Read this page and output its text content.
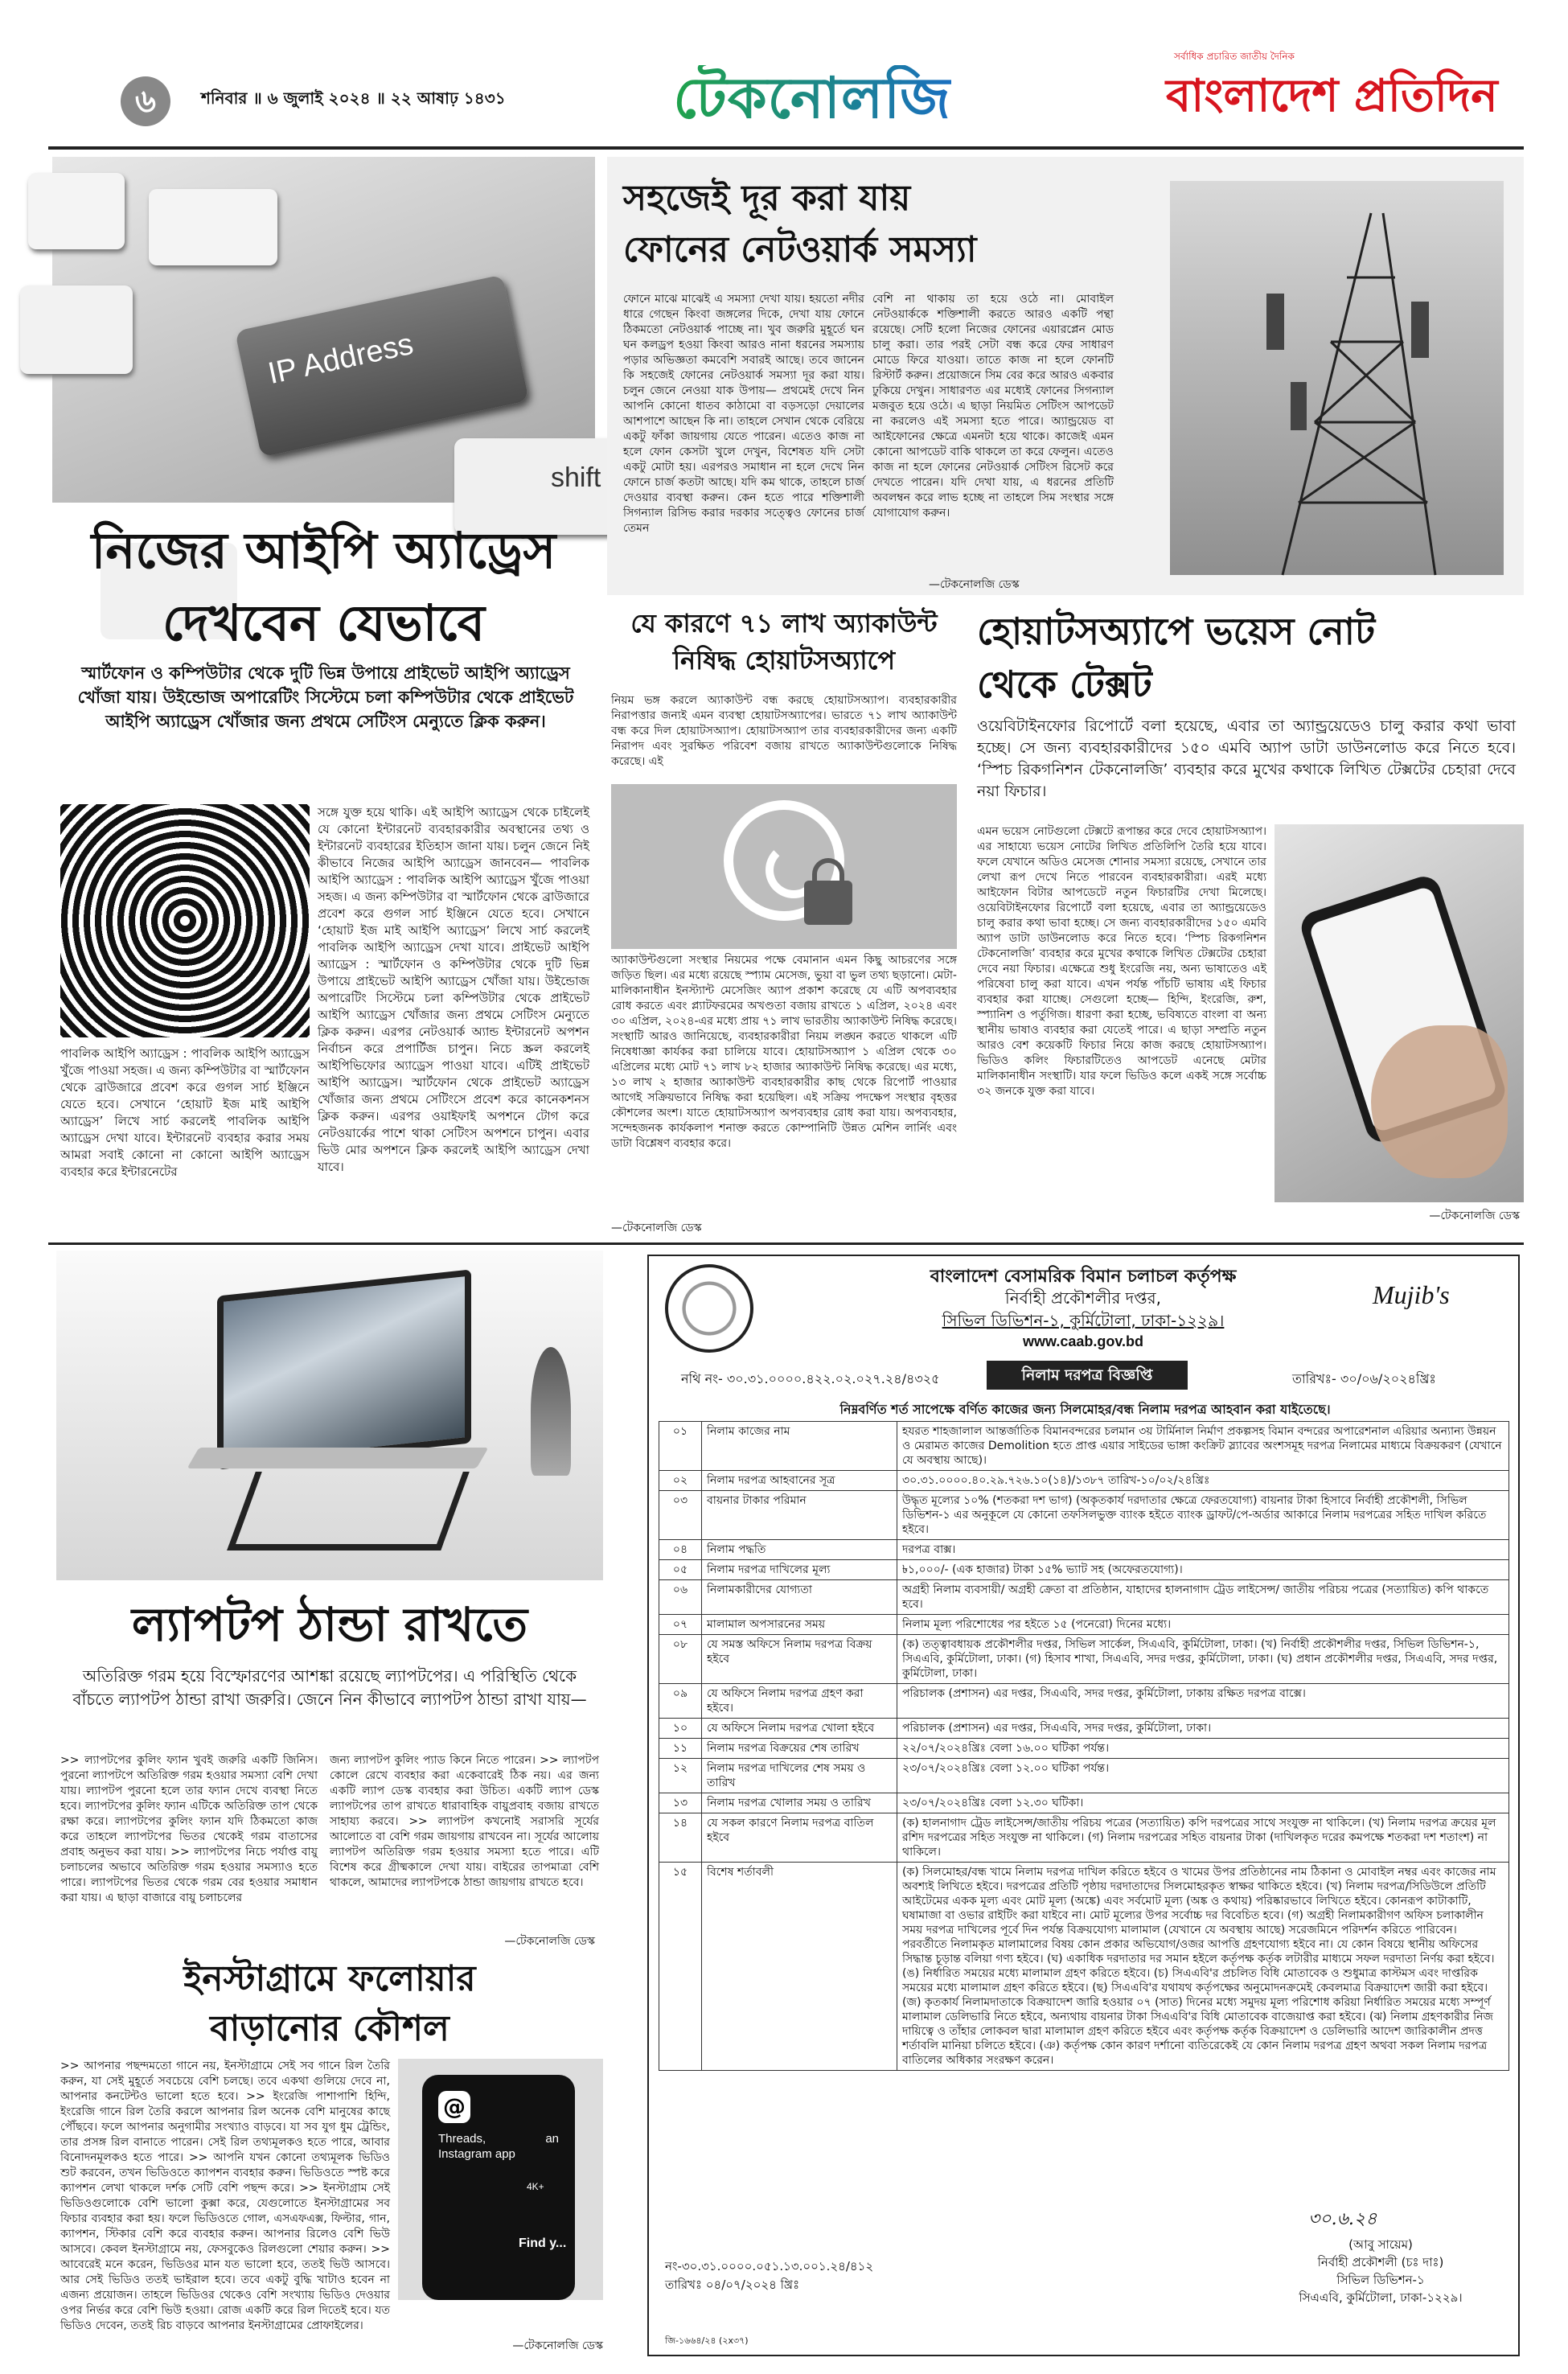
৬	শনিবার ॥ ৬ জুলাই ২০২৪ ॥ ২২ আষাঢ় ১৪৩১	টেকনোলজি
সর্বাধিক প্রচারিত জাতীয় দৈনিক
বাংলাদেশ প্রতিদিন
IP Address
shift
নিজের আইপি অ্যাড্রেস
দেখবেন যেভাবে
স্মার্টফোন ও কম্পিউটার থেকে দুটি ভিন্ন উপায়ে প্রাইভেট আইপি অ্যাড্রেস খোঁজা যায়। উইন্ডোজ অপারেটিং সিস্টেমে চলা কম্পিউটার থেকে প্রাইভেট আইপি অ্যাড্রেস খোঁজার জন্য প্রথমে সেটিংস মেন্যুতে ক্লিক করুন।
পাবলিক আইপি অ্যাড্রেস : পাবলিক আইপি অ্যাড্রেস খুঁজে পাওয়া সহজ। এ জন্য কম্পিউটার বা স্মার্টফোন থেকে ব্রাউজারে প্রবেশ করে গুগল সার্চ ইঞ্জিনে যেতে হবে। সেখানে ‘হোয়াট ইজ মাই আইপি অ্যাড্রেস’ লিখে সার্চ করলেই পাবলিক আইপি অ্যাড্রেস দেখা যাবে। ইন্টারনেট ব্যবহার করার সময় আমরা সবাই কোনো না কোনো আইপি অ্যাড্রেস ব্যবহার করে ইন্টারনেটের
সঙ্গে যুক্ত হয়ে থাকি। এই আইপি অ্যাড্রেস থেকে চাইলেই যে কোনো ইন্টারনেট ব্যবহারকারীর অবস্থানের তথ্য ও ইন্টারনেট ব্যবহারের ইতিহাস জানা যায়। চলুন জেনে নিই কীভাবে নিজের আইপি অ্যাড্রেস জানবেন— পাবলিক আইপি অ্যাড্রেস : পাবলিক আইপি অ্যাড্রেস খুঁজে পাওয়া সহজ। এ জন্য কম্পিউটার বা স্মার্টফোন থেকে ব্রাউজারে প্রবেশ করে গুগল সার্চ ইঞ্জিনে যেতে হবে। সেখানে ‘হোয়াট ইজ মাই আইপি অ্যাড্রেস’ লিখে সার্চ করলেই পাবলিক আইপি অ্যাড্রেস দেখা যাবে। প্রাইভেট আইপি অ্যাড্রেস : স্মার্টফোন ও কম্পিউটার থেকে দুটি ভিন্ন উপায়ে প্রাইভেট আইপি অ্যাড্রেস খোঁজা যায়। উইন্ডোজ অপারেটিং সিস্টেমে চলা কম্পিউটার থেকে প্রাইভেট আইপি অ্যাড্রেস খোঁজার জন্য প্রথমে সেটিংস মেন্যুতে ক্লিক করুন। এরপর নেটওয়ার্ক অ্যান্ড ইন্টারনেট অপশন নির্বাচন করে প্রপার্টিজ চাপুন। নিচে স্ক্রল করলেই আইপিভিফোর অ্যাড্রেস পাওয়া যাবে। এটিই প্রাইভেট আইপি অ্যাড্রেস। স্মার্টফোন থেকে প্রাইভেট অ্যাড্রেস খোঁজার জন্য প্রথমে সেটিংসে প্রবেশ করে কানেকশনস ক্লিক করুন। এরপর ওয়াইফাই অপশনে টোগ করে নেটওয়ার্কের পাশে থাকা সেটিংস অপশনে চাপুন। এবার ভিউ মোর অপশনে ক্লিক করলেই আইপি অ্যাড্রেস দেখা যাবে।
সহজেই দূর করা যায়
ফোনের নেটওয়ার্ক সমস্যা
ফোনে মাঝে মাঝেই এ সমস্যা দেখা যায়। হয়তো নদীর ধারে গেছেন কিংবা জঙ্গলের দিকে, দেখা যায় ফোনে ঠিকমতো নেটওয়ার্ক পাচ্ছে না। খুব জরুরি মুহূর্তে ঘন ঘন কলড্রপ হওয়া কিংবা আরও নানা ধরনের সমস্যায় পড়ার অভিজ্ঞতা কমবেশি সবারই আছে। তবে জানেন কি সহজেই ফোনের নেটওয়ার্ক সমস্যা দূর করা যায়। চলুন জেনে নেওয়া যাক উপায়— প্রথমেই দেখে নিন আপনি কোনো ধাতব কাঠামো বা বড়সড়ো দেয়ালের আশপাশে আছেন কি না। তাহলে সেখান থেকে বেরিয়ে একটু ফাঁকা জায়গায় যেতে পারেন। এতেও কাজ না হলে ফোন কেসটা খুলে দেখুন, বিশেষত যদি সেটা একটু মোটা হয়। এরপরও সমাধান না হলে দেখে নিন ফোনে চার্জ কতটা আছে। যদি কম থাকে, তাহলে চার্জ দেওয়ার ব্যবস্থা করুন। কেন হতে পারে শক্তিশালী সিগন্যাল রিসিভ করার দরকার সত্ত্বেও ফোনের চার্জ তেমন
বেশি না থাকায় তা হয়ে ওঠে না। মোবাইল নেটওয়ার্ককে শক্তিশালী করতে আরও একটি পন্থা রয়েছে। সেটি হলো নিজের ফোনের এয়ারপ্লেন মোড চালু করা। তার পরই সেটা বন্ধ করে ফের সাধারণ মোডে ফিরে যাওয়া। তাতে কাজ না হলে ফোনটি রিস্টার্ট করুন। প্রয়োজনে সিম বের করে আরও একবার ঢুকিয়ে দেখুন। সাধারণত এর মধ্যেই ফোনের সিগন্যাল মজবুত হয়ে ওঠে। এ ছাড়া নিয়মিত সেটিংস আপডেট না করলেও এই সমস্যা হতে পারে। অ্যান্ড্রয়েড বা আইফোনের ক্ষেত্রে এমনটা হয়ে থাকে। কাজেই এমন কোনো আপডেট বাকি থাকলে তা করে ফেলুন। এতেও কাজ না হলে ফোনের নেটওয়ার্ক সেটিংস রিসেট করে দেখতে পারেন। যদি দেখা যায়, এ ধরনের প্রতিটি অবলম্বন করে লাভ হচ্ছে না তাহলে সিম সংস্থার সঙ্গে যোগাযোগ করুন।
—টেকনোলজি ডেস্ক
যে কারণে ৭১ লাখ অ্যাকাউন্ট
নিষিদ্ধ হোয়াটসঅ্যাপে
নিয়ম ভঙ্গ করলে অ্যাকাউন্ট বন্ধ করছে হোয়াটসঅ্যাপ। ব্যবহারকারীর নিরাপত্তার জন্যই এমন ব্যবস্থা হোয়াটসঅ্যাপের। ভারতে ৭১ লাখ অ্যাকাউন্ট বন্ধ করে দিল হোয়াটসঅ্যাপ। হোয়াটসঅ্যাপ তার ব্যবহারকারীদের জন্য একটি নিরাপদ এবং সুরক্ষিত পরিবেশ বজায় রাখতে অ্যাকাউন্টগুলোকে নিষিদ্ধ করেছে। এই
অ্যাকাউন্টগুলো সংস্থার নিয়মের পক্ষে বেমানান এমন কিছু আচরণের সঙ্গে জড়িত ছিল। এর মধ্যে রয়েছে স্প্যাম মেসেজ, ভুয়া বা ভুল তথ্য ছড়ানো। মেটা-মালিকানাধীন ইনস্ট্যান্ট মেসেজিং অ্যাপ প্রকাশ করেছে যে এটি অপব্যবহার রোধ করতে এবং প্ল্যাটফরমের অখণ্ডতা বজায় রাখতে ১ এপ্রিল, ২০২৪ এবং ৩০ এপ্রিল, ২০২৪-এর মধ্যে প্রায় ৭১ লাখ ভারতীয় অ্যাকাউন্ট নিষিদ্ধ করেছে। সংস্থাটি আরও জানিয়েছে, ব্যবহারকারীরা নিয়ম লঙ্ঘন করতে থাকলে এটি নিষেধাজ্ঞা কার্যকর করা চালিয়ে যাবে। হোয়াটসঅ্যাপ ১ এপ্রিল থেকে ৩০ এপ্রিলের মধ্যে মোট ৭১ লাখ ৮২ হাজার অ্যাকাউন্ট নিষিদ্ধ করেছে। এর মধ্যে, ১৩ লাখ ২ হাজার অ্যাকাউন্ট ব্যবহারকারীর কাছ থেকে রিপোর্ট পাওয়ার আগেই সক্রিয়ভাবে নিষিদ্ধ করা হয়েছিল। এই সক্রিয় পদক্ষেপ সংস্থার বৃহত্তর কৌশলের অংশ। যাতে হোয়াটসঅ্যাপ অপব্যবহার রোধ করা যায়। অপব্যবহার, সন্দেহজনক কার্যকলাপ শনাক্ত করতে কোম্পানিটি উন্নত মেশিন লার্নিং এবং ডাটা বিশ্লেষণ ব্যবহার করে।
—টেকনোলজি ডেস্ক
হোয়াটসঅ্যাপে ভয়েস নোট
থেকে টেক্সট
ওয়েবিটাইনফোর রিপোর্টে বলা হয়েছে, এবার তা অ্যান্ড্রয়েডেও চালু করার কথা ভাবা হচ্ছে। সে জন্য ব্যবহারকারীদের ১৫০ এমবি অ্যাপ ডাটা ডাউনলোড করে নিতে হবে। ‘স্পিচ রিকগনিশন টেকনোলজি’ ব্যবহার করে মুখের কথাকে লিখিত টেক্সটের চেহারা দেবে নয়া ফিচার।
এমন ভয়েস নোটগুলো টেক্সটে রূপান্তর করে দেবে হোয়াটসঅ্যাপ। এর সাহায্যে ভয়েস নোটের লিখিত প্রতিলিপি তৈরি হয়ে যাবে। ফলে যেখানে অডিও মেসেজ শোনার সমস্যা রয়েছে, সেখানে তার লেখা রূপ দেখে নিতে পারবেন ব্যবহারকারীরা। এরই মধ্যে আইফোন বিটার আপডেটে নতুন ফিচারটির দেখা মিলেছে। ওয়েবিটাইনফোর রিপোর্টে বলা হয়েছে, এবার তা অ্যান্ড্রয়েডেও চালু করার কথা ভাবা হচ্ছে। সে জন্য ব্যবহারকারীদের ১৫০ এমবি অ্যাপ ডাটা ডাউনলোড করে নিতে হবে। ‘স্পিচ রিকগনিশন টেকনোলজি’ ব্যবহার করে মুখের কথাকে লিখিত টেক্সটের চেহারা দেবে নয়া ফিচার। এক্ষেত্রে শুধু ইংরেজি নয়, অন্য ভাষাতেও এই পরিষেবা চালু করা যাবে। এখন পর্যন্ত পাঁচটি ভাষায় এই ফিচার ব্যবহার করা যাচ্ছে। সেগুলো হচ্ছে— হিন্দি, ইংরেজি, রুশ, স্প্যানিশ ও পর্তুগিজ। ধারণা করা হচ্ছে, ভবিষ্যতে বাংলা বা অন্য স্থানীয় ভাষাও ব্যবহার করা যেতেই পারে। এ ছাড়া সম্প্রতি নতুন আরও বেশ কয়েকটি ফিচার নিয়ে কাজ করছে হোয়াটসঅ্যাপ। ভিডিও কলিং ফিচারটিতেও আপডেট এনেছে মেটার মালিকানাধীন সংস্থাটি। যার ফলে ভিডিও কলে একই সঙ্গে সর্বোচ্চ ৩২ জনকে যুক্ত করা যাবে।
—টেকনোলজি ডেস্ক
ল্যাপটপ ঠান্ডা রাখতে
অতিরিক্ত গরম হয়ে বিস্ফোরণের আশঙ্কা রয়েছে ল্যাপটপের। এ পরিস্থিতি থেকে বাঁচতে ল্যাপটপ ঠান্ডা রাখা জরুরি। জেনে নিন কীভাবে ল্যাপটপ ঠান্ডা রাখা যায়—
>> ল্যাপটপের কুলিং ফ্যান খুবই জরুরি একটি জিনিস। পুরনো ল্যাপটপে অতিরিক্ত গরম হওয়ার সমস্যা বেশি দেখা যায়। ল্যাপটপ পুরনো হলে তার ফ্যান দেখে ব্যবস্থা নিতে হবে। ল্যাপটপের কুলিং ফ্যান এটিকে অতিরিক্ত তাপ থেকে রক্ষা করে। ল্যাপটপের কুলিং ফ্যান যদি ঠিকমতো কাজ করে তাহলে ল্যাপটপের ভিতর থেকেই গরম বাতাসের প্রবাহ অনুভব করা যায়। >> ল্যাপটপের নিচে পর্যাপ্ত বায়ু চলাচলের অভাবে অতিরিক্ত গরম হওয়ার সমস্যাও হতে পারে। ল্যাপটপের ভিতর থেকে গরম বের হওয়ার সমাধান করা যায়। এ ছাড়া বাজারে বায়ু চলাচলের
জন্য ল্যাপটপ কুলিং প্যাড কিনে নিতে পারেন। >> ল্যাপটপ কোলে রেখে ব্যবহার করা একেবারেই ঠিক নয়। এর জন্য একটি ল্যাপ ডেস্ক ব্যবহার করা উচিত। একটি ল্যাপ ডেস্ক ল্যাপটপের তাপ রাখতে ধারাবাহিক বায়ুপ্রবাহ বজায় রাখতে সাহায্য করবে। >> ল্যাপটপ কখনোই সরাসরি সূর্যের আলোতে বা বেশি গরম জায়গায় রাখবেন না। সূর্যের আলোয় ল্যাপটপ অতিরিক্ত গরম হওয়ার সমস্যা হতে পারে। এটি বিশেষ করে গ্রীষ্মকালে দেখা যায়। বাইরের তাপমাত্রা বেশি থাকলে, আমাদের ল্যাপটপকে ঠান্ডা জায়গায় রাখতে হবে।
—টেকনোলজি ডেস্ক
ইনস্টাগ্রামে ফলোয়ার
বাড়ানোর কৌশল
@
Threads, an Instagram app
4K+
Find y...
>> আপনার পছন্দমতো গানে নয়, ইনস্টাগ্রামে সেই সব গানে রিল তৈরি করুন, যা সেই মুহূর্তে সবচেয়ে বেশি চলছে। তবে একথা গুলিয়ে দেবে না, আপনার কনটেন্টও ভালো হতে হবে। >> ইংরেজি পাশাপাশি হিন্দি, ইংরেজি গানে রিল তৈরি করলে আপনার রিল অনেক বেশি মানুষের কাছে পৌঁছবে। ফলে আপনার অনুগামীর সংখ্যাও বাড়বে। যা সব যুগ ধুম ট্রেন্ডিং, তার প্রসঙ্গ রিল বানাতে পারেন। সেই রিল তথ্যমূলকও হতে পারে, আবার বিনোদনমূলকও হতে পারে। >> আপনি যখন কোনো তথ্যমূলক ভিডিও শুট করবেন, তখন ভিডিওতে ক্যাপশন ব্যবহার করুন। ভিডিওতে স্পষ্ট করে ক্যাপশন লেখা থাকলে দর্শক সেটি বেশি পছন্দ করে। >> ইনস্টাগ্রাম সেই ভিডিওগুলোকে বেশি ভালো কুক্সা করে, যেগুলোতে ইনস্টাগ্রামের সব ফিচার ব্যবহার করা হয়। ফলে ভিডিওতে গোল, এসএফএক্স, ফিল্টার, গান, ক্যাপশন, স্টিকার বেশি করে ব্যবহার করুন। আপনার রিলেও বেশি ভিউ আসবে। কেবল ইনস্টাগ্রামে নয়, ফেসবুকেও রিলগুলো শেয়ার করুন। >> আবেরেই মনে করেন, ভিডিওর মান যত ভালো হবে, ততই ভিউ আসবে। আর সেই ভিডিও ততই ভাইরাল হবে। তবে একটু বুদ্ধি খাটাও হবেন না এজন্য প্রয়োজন। তাহলে ভিডিওর থেকেও বেশি সংখ্যায় ভিডিও দেওয়ার ওপর নির্ভর করে বেশি ভিউ হওয়া। রোজ একটি করে রিল দিতেই হবে। যত ভিডিও দেবেন, ততই রিচ বাড়বে আপনার ইনস্টাগ্রামের প্রোফাইলের।
—টেকনোলজি ডেস্ক
বাংলাদেশ বেসামরিক বিমান চলাচল কর্তৃপক্ষ
নির্বাহী প্রকৌশলীর দপ্তর,
সিভিল ডিভিশন-১, কুর্মিটোলা, ঢাকা-১২২৯।
www.caab.gov.bd
Mujib's
নথি নং- ৩০.৩১.০০০০.৪২২.০২.০২৭.২৪/৪৩২৫	নিলাম দরপত্র বিজ্ঞপ্তি	তারিখঃ- ৩০/০৬/২০২৪খ্রিঃ
নিম্নবর্ণিত শর্ত সাপেক্ষে বর্ণিত কাজের জন্য সিলমোহর/বন্ধ নিলাম দরপত্র আহবান করা যাইতেছে।
০১	নিলাম কাজের নাম	হযরত শাহজালাল আন্তর্জাতিক বিমানবন্দরের চলমান ৩য় টার্মিনাল নির্মাণ প্রকল্পসহ বিমান বন্দরের অপারেশনাল এরিয়ার অন্যান্য উন্নয়ন ও মেরামত কাজের Demolition হতে প্রাপ্ত এয়ার সাইডের ভাঙ্গা কংক্রিট স্ল্যাবের অংশসমূহ দরপত্র নিলামের মাধ্যমে বিক্রয়করণ (যেখানে যে অবস্থায় আছে)।
০২	নিলাম দরপত্র আহবানের সূত্র	৩০.৩১.০০০০.৪০.২৯.৭২৬.১০(১৪)/১৩৮৭ তারিখ-১০/০২/২৪খ্রিঃ
০৩	বায়নার টাকার পরিমান	উদ্ধৃত মূল্যের ১০% (শতকরা দশ ভাগ) (অকৃতকার্য দরদাতার ক্ষেত্রে ফেরতযোগ্য) বায়নার টাকা হিসাবে নির্বাহী প্রকৌশলী, সিভিল ডিভিশন-১ এর অনুকূলে যে কোনো তফসিলভুক্ত ব্যাংক হইতে ব্যাংক ড্রাফট/পে-অর্ডার আকারে নিলাম দরপত্রের সহিত দাখিল করিতে হইবে।
০৪	নিলাম পদ্ধতি	দরপত্র বাক্স।
০৫	নিলাম দরপত্র দাখিলের মূল্য	৳১,০০০/- (এক হাজার) টাকা ১৫% ভ্যাট সহ (অফেরতযোগ্য)।
০৬	নিলামকারীদের যোগ্যতা	অগ্রহী নিলাম ব্যবসায়ী/ অগ্রহী ক্রেতা বা প্রতিষ্ঠান, যাহাদের হালনাগাদ ট্রেড লাইসেন্স/ জাতীয় পরিচয় পত্রের (সত্যায়িত) কপি থাকতে হবে।
০৭	মালামাল অপসারনের সময়	নিলাম মূল্য পরিশোধের পর হইতে ১৫ (পনেরো) দিনের মধ্যে।
০৮	যে সমস্ত অফিসে নিলাম দরপত্র বিক্রয় হইবে	(ক) তত্ত্বাবধায়ক প্রকৌশলীর দপ্তর, সিভিল সার্কেল, সিএএবি, কুর্মিটোলা, ঢাকা। (খ) নির্বাহী প্রকৌশলীর দপ্তর, সিভিল ডিভিশন-১, সিএএবি, কুর্মিটোলা, ঢাকা। (গ) হিসাব শাখা, সিএএবি, সদর দপ্তর, কুর্মিটোলা, ঢাকা। (ঘ) প্রধান প্রকৌশলীর দপ্তর, সিএএবি, সদর দপ্তর, কুর্মিটোলা, ঢাকা।
০৯	যে অফিসে নিলাম দরপত্র গ্রহণ করা হইবে।	পরিচালক (প্রশাসন) এর দপ্তর, সিএএবি, সদর দপ্তর, কুর্মিটোলা, ঢাকায় রক্ষিত দরপত্র বাক্সে।
১০	যে অফিসে নিলাম দরপত্র খোলা হইবে	পরিচালক (প্রশাসন) এর দপ্তর, সিএএবি, সদর দপ্তর, কুর্মিটোলা, ঢাকা।
১১	নিলাম দরপত্র বিক্রয়ের শেষ তারিখ	২২/০৭/২০২৪খ্রিঃ বেলা ১৬.০০ ঘটিকা পর্যন্ত।
১২	নিলাম দরপত্র দাখিলের শেষ সময় ও তারিখ	২৩/০৭/২০২৪খ্রিঃ বেলা ১২.০০ ঘটিকা পর্যন্ত।
১৩	নিলাম দরপত্র খোলার সময় ও তারিখ	২৩/০৭/২০২৪খ্রিঃ বেলা ১২.৩০ ঘটিকা।
১৪	যে সকল কারণে নিলাম দরপত্র বাতিল হইবে	(ক) হালনাগাদ ট্রেড লাইসেন্স/জাতীয় পরিচয় পত্রের (সত্যায়িত) কপি দরপত্রের সাথে সংযুক্ত না থাকিলে। (খ) নিলাম দরপত্র ক্রয়ের মূল রশিদ দরপত্রের সহিত সংযুক্ত না থাকিলে। (গ) নিলাম দরপত্রের সহিত বায়নার টাকা (দাখিলকৃত দরের কমপক্ষে শতকরা দশ শতাংশ) না থাকিলে।
১৫	বিশেষ শর্তাবলী	(ক) সিলমোহর/বন্ধ খামে নিলাম দরপত্র দাখিল করিতে হইবে ও খামের উপর প্রতিষ্ঠানের নাম ঠিকানা ও মোবাইল নম্বর এবং কাজের নাম অবশ্যই লিখিতে হইবে। দরপত্রের প্রতিটি পৃষ্ঠায় দরদাতাদের সিলমোহরকৃত স্বাক্ষর থাকিতে হইবে। (খ) নিলাম দরপত্র/সিডিউলে প্রতিটি আইটেমের একক মূল্য এবং মোট মূল্য (অঙ্কে) এবং সর্বমোট মূল্য (অঙ্ক ও কথায়) পরিষ্কারভাবে লিখিতে হইবে। কোনরূপ কাটাকাটি, ঘষামাজা বা ওভার রাইটিং করা যাইবে না। মোট মূল্যের উপর সর্বোচ্চ দর বিবেচিত হবে। (গ) অগ্রহী নিলামকারীগণ অফিস চলাকালীন সময় দরপত্র দাখিলের পূর্বে দিন পর্যন্ত বিক্রয়যোগ্য মালামাল (যেখানে যে অবস্থায় আছে) সরেজমিনে পরিদর্শন করিতে পারিবেন। পরবর্তীতে নিলামকৃত মালামালের বিষয় কোন প্রকার অভিযোগ/ওজর আপত্তি গ্রহণযোগ্য হইবে না। যে কোন বিষয়ে স্থানীয় অফিসের সিদ্ধান্ত চূড়ান্ত বলিয়া গণ্য হইবে। (ঘ) একাধিক দরদাতার দর সমান হইলে কর্তৃপক্ষ কর্তৃক লটারীর মাধ্যমে সফল দরদাতা নির্ণয় করা হইবে। (ঙ) নির্ধারিত সময়ের মধ্যে মালামাল গ্রহণ করিতে হইবে। (চ) সিএএবি'র প্রচলিত বিধি মোতাবেক ও শুধুমাত্র কাস্টমস এবং দাপ্তরিক সময়ের মধ্যে মালামাল গ্রহণ করিতে হইবে। (ছ) সিএএবি'র যথাযথ কর্তৃপক্ষের অনুমোদনক্রমেই কেবলমাত্র বিক্রয়াদেশ জারী করা হইবে। (জ) কৃতকার্য নিলামদাতাকে বিক্রয়াদেশ জারি হওয়ার ০৭ (সাত) দিনের মধ্যে সমুদয় মূল্য পরিশোধ করিয়া নির্ধারিত সময়ের মধ্যে সম্পূর্ণ মালামাল ডেলিভারি নিতে হইবে, অন্যথায় বায়নার টাকা সিএএবি'র বিধি মোতাবেক বাজেয়াপ্ত করা হইবে। (ঝ) নিলাম গ্রহণকারীর নিজ দায়িত্বে ও তাঁহার লোকবল দ্বারা মালামাল গ্রহণ করিতে হইবে এবং কর্তৃপক্ষ কর্তৃক বিক্রয়াদেশ ও ডেলিভারি আদেশ জারিকালীন প্রদত্ত শর্তাবলি মানিয়া চলিতে হইবে। (ঞ) কর্তৃপক্ষ কোন কারণ দর্শানো ব্যতিরেকেই যে কোন নিলাম দরপত্র গ্রহণ অথবা সকল নিলাম দরপত্র বাতিলের অধিকার সংরক্ষণ করেন।
নং-৩০.৩১.০০০০.০৫১.১৩.০০১.২৪/৪১২
তারিখঃ ০৪/০৭/২০২৪ খ্রিঃ
৩০.৬.২৪
(আবু সায়েম)
নির্বাহী প্রকৌশলী (চঃ দাঃ)
সিভিল ডিভিশন-১
সিএএবি, কুর্মিটোলা, ঢাকা-১২২৯।
জি-১৬৬৪/২৪ (২x৩৭)
